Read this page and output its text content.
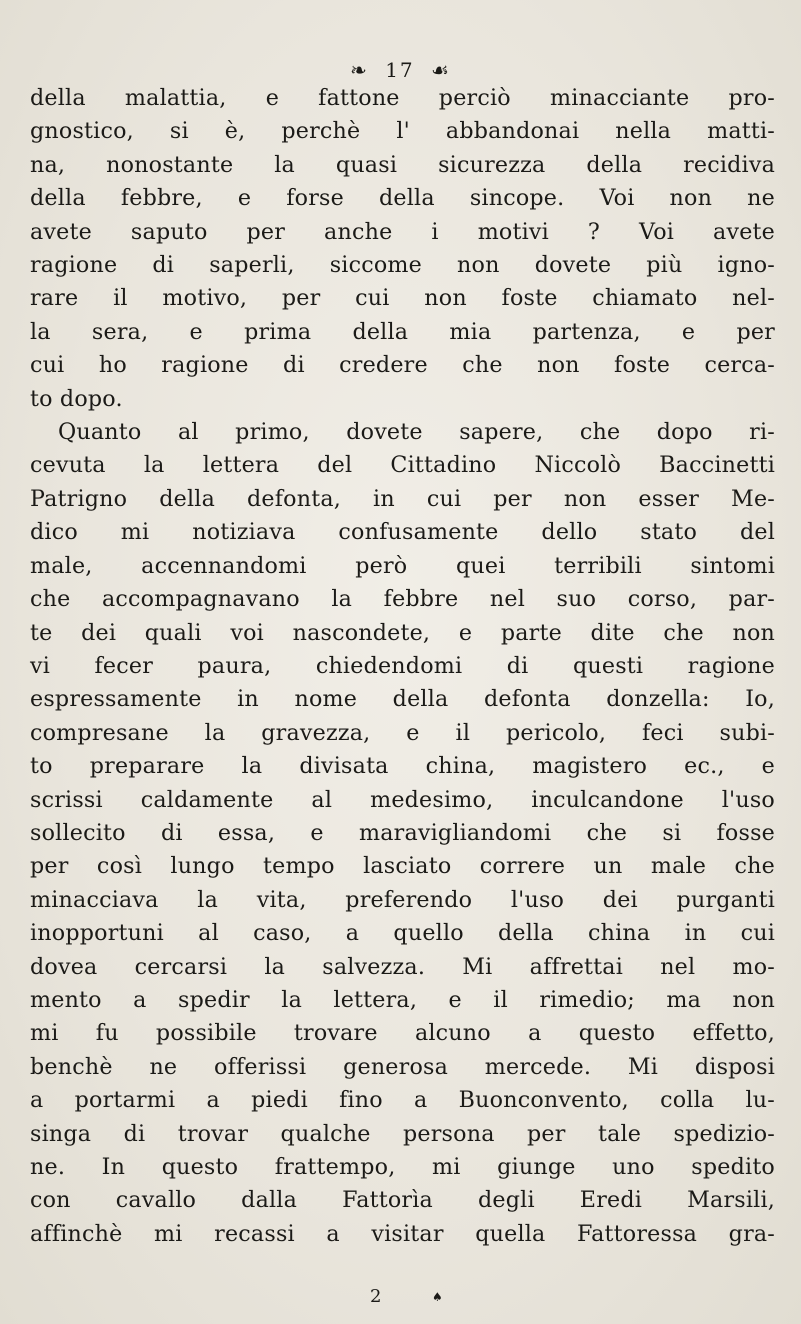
❧ 17 ☙
della malattia, e fattone perciò minacciante pro-
gnostico, si è, perchè l' abbandonai nella matti-
na, nonostante la quasi sicurezza della recidiva
della febbre, e forse della sincope. Voi non ne
avete saputo per anche i motivi ? Voi avete
ragione di saperli, siccome non dovete più igno-
rare il motivo, per cui non foste chiamato nel-
la sera, e prima della mia partenza, e per
cui ho ragione di credere che non foste cerca-
to dopo.
Quanto al primo, dovete sapere, che dopo ri-
cevuta la lettera del Cittadino Niccolò Baccinetti
Patrigno della defonta, in cui per non esser Me-
dico mi notiziava confusamente dello stato del
male, accennandomi però quei terribili sintomi
che accompagnavano la febbre nel suo corso, par-
te dei quali voi nascondete, e parte dite che non
vi fecer paura, chiedendomi di questi ragione
espressamente in nome della defonta donzella: Io,
compresane la gravezza, e il pericolo, feci subi-
to preparare la divisata china, magistero ec., e
scrissi caldamente al medesimo, inculcandone l'uso
sollecito di essa, e maravigliandomi che si fosse
per così lungo tempo lasciato correre un male che
minacciava la vita, preferendo l'uso dei purganti
inopportuni al caso, a quello della china in cui
dovea cercarsi la salvezza. Mi affrettai nel mo-
mento a spedir la lettera, e il rimedio; ma non
mi fu possibile trovare alcuno a questo effetto,
benchè ne offerissi generosa mercede. Mi disposi
a portarmi a piedi fino a Buonconvento, colla lu-
singa di trovar qualche persona per tale spedizio-
ne. In questo frattempo, mi giunge uno spedito
con cavallo dalla Fattorìa degli Eredi Marsili,
affinchè mi recassi a visitar quella Fattoressa gra-
2	♠
